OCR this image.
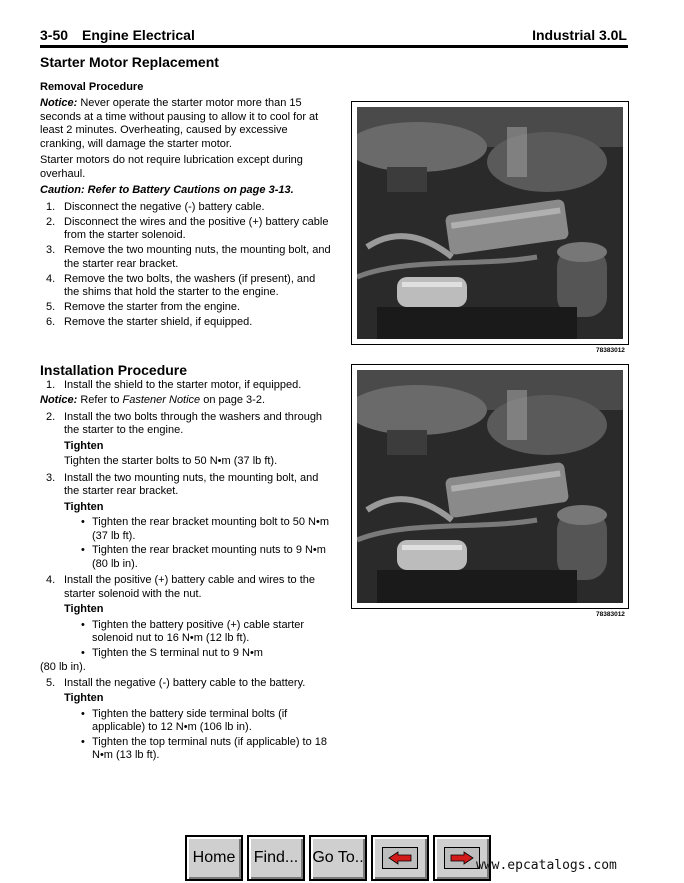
3-50 Engine Electrical	Industrial 3.0L
Starter Motor Replacement
Removal Procedure

Notice: Never operate the starter motor more than 15 seconds at a time without pausing to allow it to cool for at least 2 minutes. Overheating, caused by excessive cranking, will damage the starter motor.

Starter motors do not require lubrication except during overhaul.

Caution: Refer to Battery Cautions on page 3-13.

1. Disconnect the negative (-) battery cable.
2. Disconnect the wires and the positive (+) battery cable from the starter solenoid.
3. Remove the two mounting nuts, the mounting bolt, and the starter rear bracket.
4. Remove the two bolts, the washers (if present), and the shims that hold the starter to the engine.
5. Remove the starter from the engine.
6. Remove the starter shield, if equipped.
Installation Procedure
1. Install the shield to the starter motor, if equipped.

Notice: Refer to Fastener Notice on page 3-2.

2. Install the two bolts through the washers and through the starter to the engine.
Tighten
Tighten the starter bolts to 50 N•m (37 lb ft).
3. Install the two mounting nuts, the mounting bolt, and the starter rear bracket.
Tighten
• Tighten the rear bracket mounting bolt to 50 N•m (37 lb ft).
• Tighten the rear bracket mounting nuts to 9 N•m (80 lb in).
4. Install the positive (+) battery cable and wires to the starter solenoid with the nut.
Tighten
• Tighten the battery positive (+) cable starter solenoid nut to 16 N•m (12 lb ft).
• Tighten the S terminal nut to 9 N•m
(80 lb in).
5. Install the negative (-) battery cable to the battery.
Tighten
• Tighten the battery side terminal bolts (if applicable) to 12 N•m (106 lb in).
• Tighten the top terminal nuts (if applicable) to 18 N•m (13 lb ft).
78383012
78383012
Home	Find... Go To..	www.epcatalogs.com
